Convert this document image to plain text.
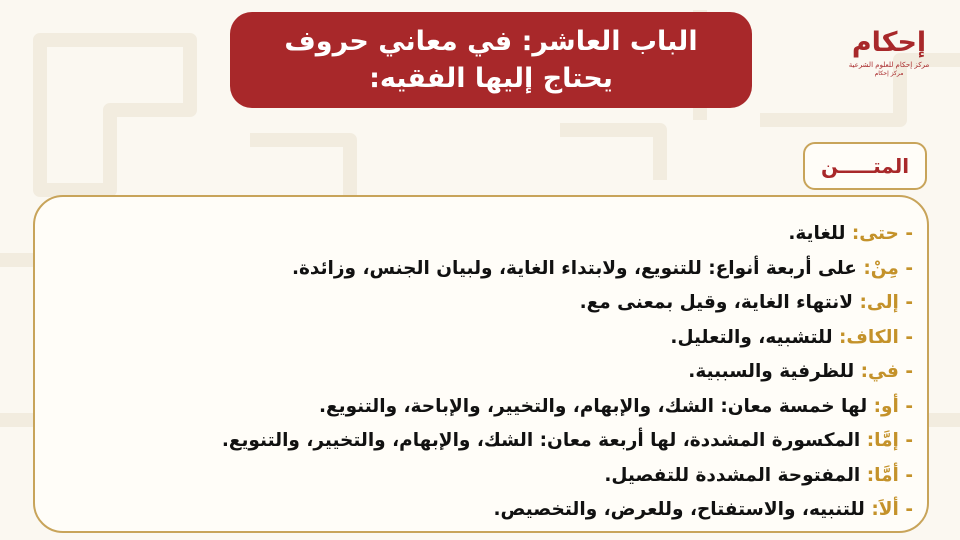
الباب العاشر: في معاني حروف
يحتاج إليها الفقيه:
إحكام
مركز إحكام للعلوم الشرعية
مركز إحكام
المتـــــن
- حتى: للغاية.
- مِنْ: على أربعة أنواع: للتنويع، ولابتداء الغاية، ولبيان الجنس، وزائدة.
- إلى: لانتهاء الغاية، وقيل بمعنى مع.
- الكاف: للتشبيه، والتعليل.
- في: للظرفية والسببية.
- أو: لها خمسة معان: الشك، والإبهام، والتخيير، والإباحة، والتنويع.
- إمَّا: المكسورة المشددة، لها أربعة معان: الشك، والإبهام، والتخيير، والتنويع.
- أمَّا: المفتوحة المشددة للتفصيل.
- ألاَ: للتنبيه، والاستفتاح، وللعرض، والتخصيص.
